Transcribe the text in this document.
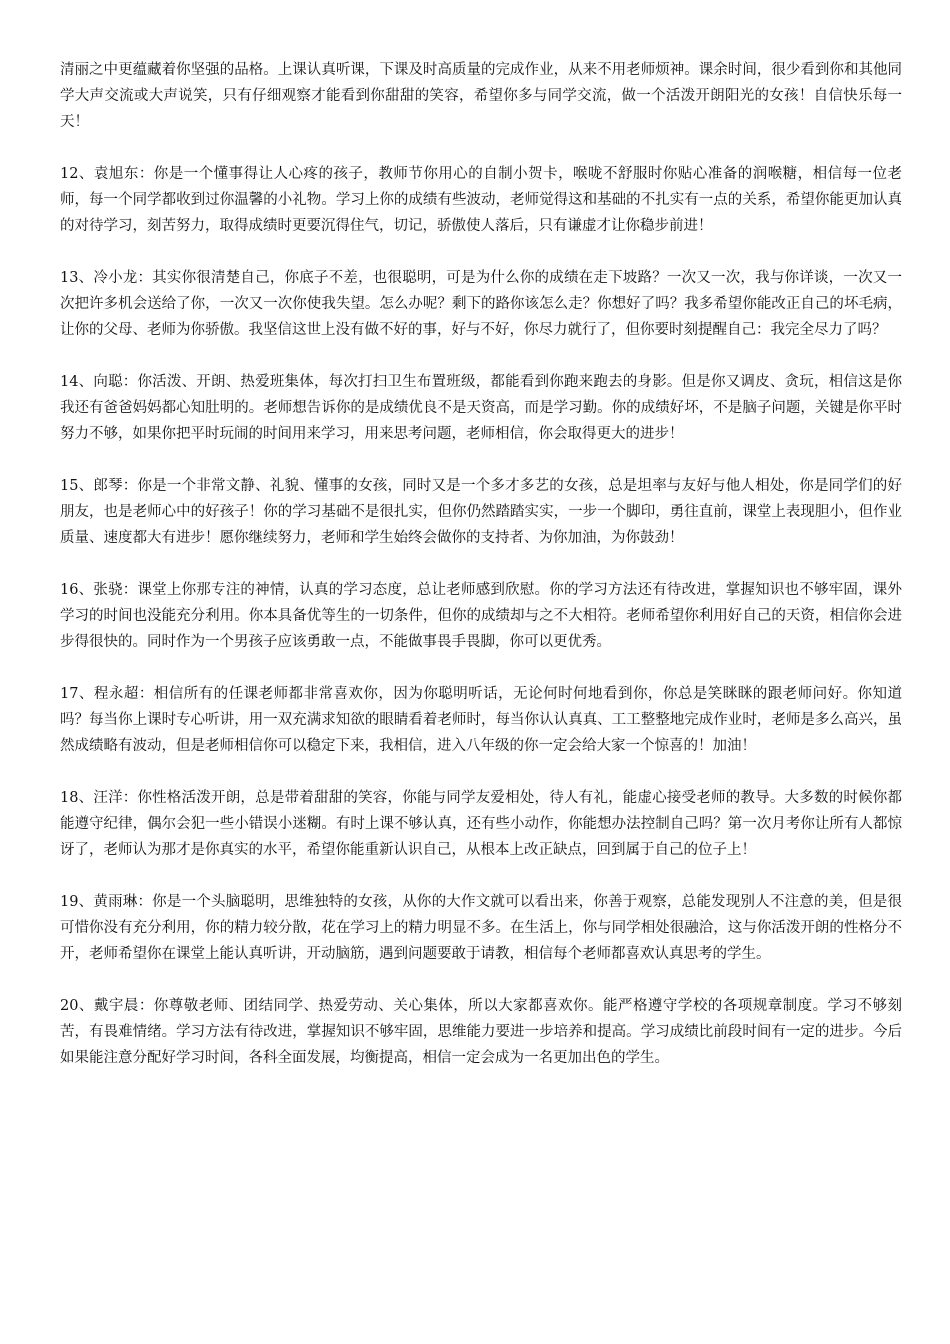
清丽之中更蕴藏着你坚强的品格。上课认真听课，下课及时高质量的完成作业，从来不用老师烦神。课余时间，很少看到你和其他同学大声交流或大声说笑，只有仔细观察才能看到你甜甜的笑容，希望你多与同学交流，做一个活泼开朗阳光的女孩！自信快乐每一天！

12、袁旭东：你是一个懂事得让人心疼的孩子，教师节你用心的自制小贺卡，喉咙不舒服时你贴心准备的润喉糖，相信每一位老师，每一个同学都收到过你温馨的小礼物。学习上你的成绩有些波动，老师觉得这和基础的不扎实有一点的关系，希望你能更加认真的对待学习，刻苦努力，取得成绩时更要沉得住气，切记，骄傲使人落后，只有谦虚才让你稳步前进！

13、冷小龙：其实你很清楚自己，你底子不差，也很聪明，可是为什么你的成绩在走下坡路？一次又一次，我与你详谈，一次又一次把许多机会送给了你，一次又一次你使我失望。怎么办呢？剩下的路你该怎么走？你想好了吗？我多希望你能改正自己的坏毛病，让你的父母、老师为你骄傲。我坚信这世上没有做不好的事，好与不好，你尽力就行了，但你要时刻提醒自己：我完全尽力了吗？

14、向聪：你活泼、开朗、热爱班集体，每次打扫卫生布置班级，都能看到你跑来跑去的身影。但是你又调皮、贪玩，相信这是你我还有爸爸妈妈都心知肚明的。老师想告诉你的是成绩优良不是天资高，而是学习勤。你的成绩好坏，不是脑子问题，关键是你平时努力不够，如果你把平时玩闹的时间用来学习，用来思考问题，老师相信，你会取得更大的进步！

15、郎琴：你是一个非常文静、礼貌、懂事的女孩，同时又是一个多才多艺的女孩，总是坦率与友好与他人相处，你是同学们的好朋友，也是老师心中的好孩子！你的学习基础不是很扎实，但你仍然踏踏实实，一步一个脚印，勇往直前，课堂上表现胆小，但作业质量、速度都大有进步！愿你继续努力，老师和学生始终会做你的支持者、为你加油，为你鼓劲！

16、张骁：课堂上你那专注的神情，认真的学习态度，总让老师感到欣慰。你的学习方法还有待改进，掌握知识也不够牢固，课外学习的时间也没能充分利用。你本具备优等生的一切条件，但你的成绩却与之不大相符。老师希望你利用好自己的天资，相信你会进步得很快的。同时作为一个男孩子应该勇敢一点，不能做事畏手畏脚，你可以更优秀。

17、程永超：相信所有的任课老师都非常喜欢你，因为你聪明听话，无论何时何地看到你，你总是笑眯眯的跟老师问好。你知道吗？每当你上课时专心听讲，用一双充满求知欲的眼睛看着老师时，每当你认认真真、工工整整地完成作业时，老师是多么高兴，虽然成绩略有波动，但是老师相信你可以稳定下来，我相信，进入八年级的你一定会给大家一个惊喜的！加油！

18、汪洋：你性格活泼开朗，总是带着甜甜的笑容，你能与同学友爱相处，待人有礼，能虚心接受老师的教导。大多数的时候你都能遵守纪律，偶尔会犯一些小错误小迷糊。有时上课不够认真，还有些小动作，你能想办法控制自己吗？第一次月考你让所有人都惊讶了，老师认为那才是你真实的水平，希望你能重新认识自己，从根本上改正缺点，回到属于自己的位子上！

19、黄雨琳：你是一个头脑聪明，思维独特的女孩，从你的大作文就可以看出来，你善于观察，总能发现别人不注意的美，但是很可惜你没有充分利用，你的精力较分散，花在学习上的精力明显不多。在生活上，你与同学相处很融洽，这与你活泼开朗的性格分不开，老师希望你在课堂上能认真听讲，开动脑筋，遇到问题要敢于请教，相信每个老师都喜欢认真思考的学生。

20、戴宇晨：你尊敬老师、团结同学、热爱劳动、关心集体，所以大家都喜欢你。能严格遵守学校的各项规章制度。学习不够刻苦，有畏难情绪。学习方法有待改进，掌握知识不够牢固，思维能力要进一步培养和提高。学习成绩比前段时间有一定的进步。今后如果能注意分配好学习时间，各科全面发展，均衡提高，相信一定会成为一名更加出色的学生。
